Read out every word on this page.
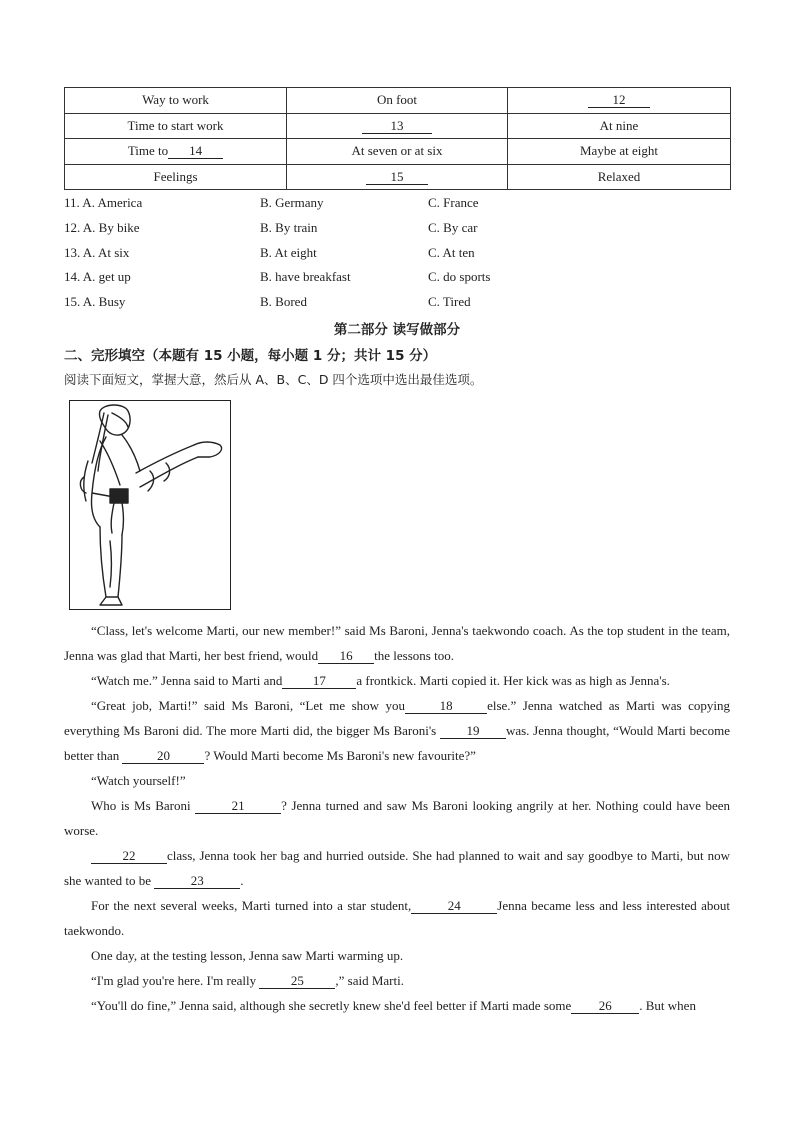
Way to work	On foot	12
Time to start work	13	At nine
Time to 14	At seven or at six	Maybe at eight
Feelings	15	Relaxed
11. A. America	B. Germany	C. France
12. A. By bike	B. By train	C. By car
13. A. At six	B. At eight	C. At ten
14. A. get up	B. have breakfast	C. do sports
15. A. Busy	B. Bored	C. Tired
第二部分 读写做部分
二、完形填空（本题有 15 小题，每小题 1 分；共计 15 分）
阅读下面短文，掌握大意，然后从 A、B、C、D 四个选项中选出最佳选项。

“Class, let's welcome Marti, our new member!” said Ms Baroni, Jenna's taekwondo coach. As the top student in the team, Jenna was glad that Marti, her best friend, would 16 the lessons too.

“Watch me.” Jenna said to Marti and 17 a frontkick. Marti copied it. Her kick was as high as Jenna's.

“Great job, Marti!” said Ms Baroni, “Let me show you	18	else.” Jenna watched as Marti was copying everything Ms Baroni did. The more Marti did, the bigger Ms Baroni's 19 was. Jenna thought, “Would Marti become better than	20	? Would Marti become Ms Baroni's new favourite?”

“Watch yourself!”

Who is Ms Baroni	21	? Jenna turned and saw Ms Baroni looking angrily at her. Nothing could have been worse.

22 class, Jenna took her bag and hurried outside. She had planned to wait and say goodbye to Marti, but now she wanted to be	23	.

For the next several weeks, Marti turned into a star student,	24	Jenna became less and less interested about taekwondo.

One day, at the testing lesson, Jenna saw Marti warming up.

“I'm glad you're here. I'm really	25 ,” said Marti.

“You'll do fine,” Jenna said, although she secretly knew she'd feel better if Marti made some 26 . But when
